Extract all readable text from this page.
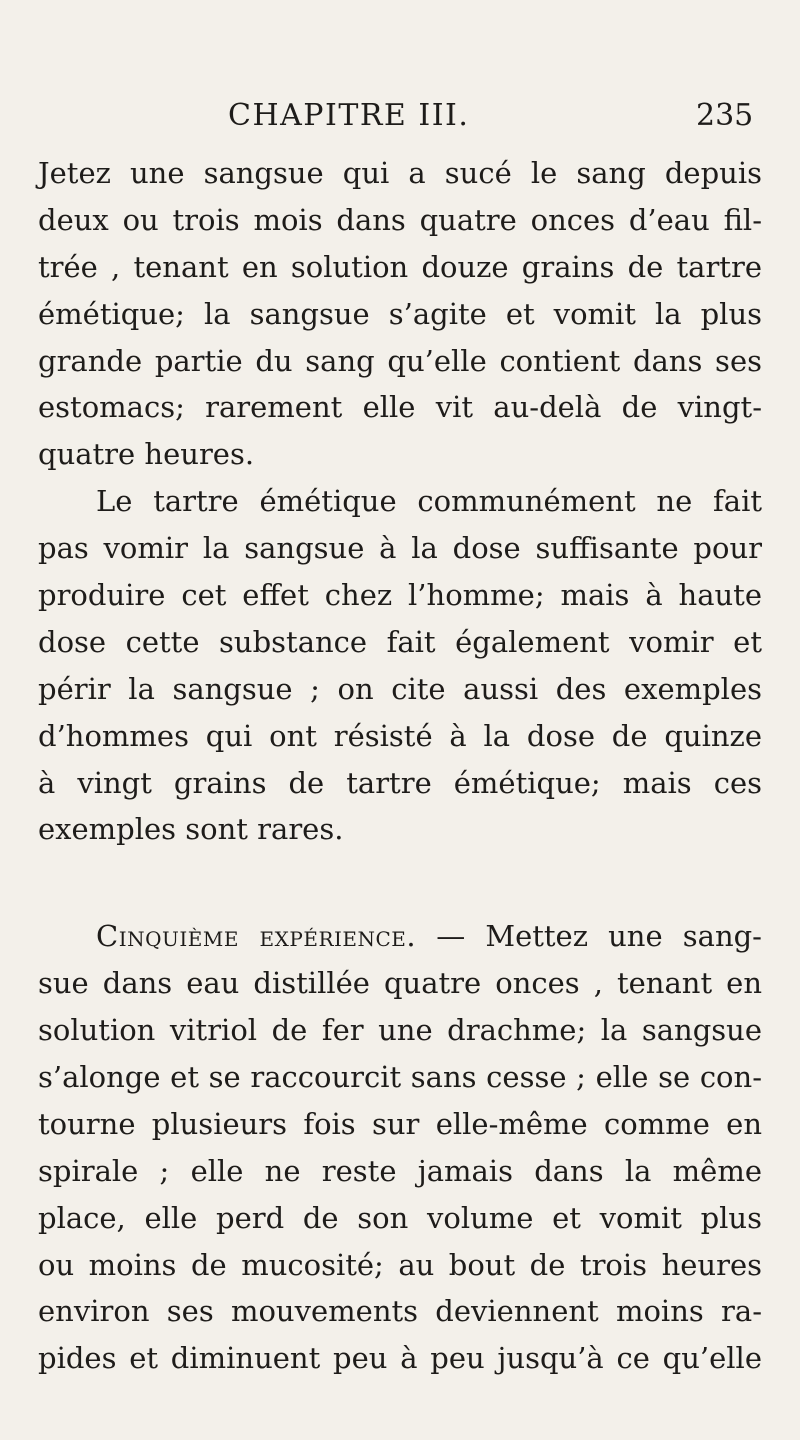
CHAPITRE III.	235
Jetez une sangsue qui a sucé le sang depuis
deux ou trois mois dans quatre onces d’eau fil-
trée , tenant en solution douze grains de tartre
émétique; la sangsue s’agite et vomit la plus
grande partie du sang qu’elle contient dans ses
estomacs; rarement elle vit au-delà de vingt-
quatre heures.
Le tartre émétique communément ne fait
pas vomir la sangsue à la dose suffisante pour
produire cet effet chez l’homme; mais à haute
dose cette substance fait également vomir et
périr la sangsue ; on cite aussi des exemples
d’hommes qui ont résisté à la dose de quinze
à vingt grains de tartre émétique; mais ces
exemples sont rares.
Cinquième expérience. — Mettez une sang-
sue dans eau distillée quatre onces , tenant en
solution vitriol de fer une drachme; la sangsue
s’alonge et se raccourcit sans cesse ; elle se con-
tourne plusieurs fois sur elle-même comme en
spirale ; elle ne reste jamais dans la même
place, elle perd de son volume et vomit plus
ou moins de mucosité; au bout de trois heures
environ ses mouvements deviennent moins ra-
pides et diminuent peu à peu jusqu’à ce qu’elle
